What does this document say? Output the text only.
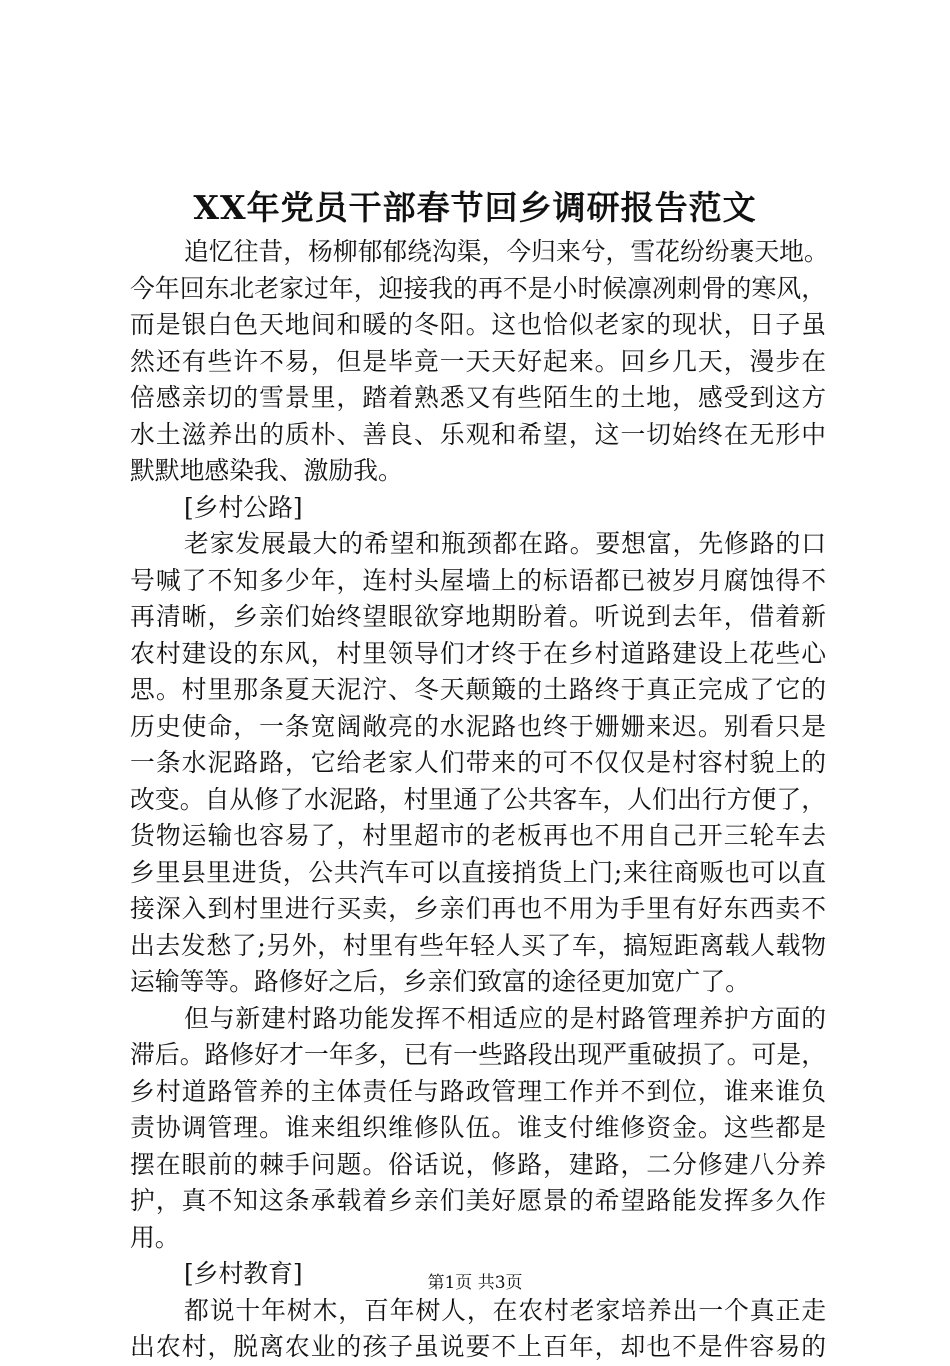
XX年党员干部春节回乡调研报告范文
追忆往昔，杨柳郁郁绕沟渠，今归来兮，雪花纷纷裹天地。
今年回东北老家过年，迎接我的再不是小时候凛冽刺骨的寒风，
而是银白色天地间和暖的冬阳。这也恰似老家的现状，日子虽
然还有些许不易，但是毕竟一天天好起来。回乡几天，漫步在
倍感亲切的雪景里，踏着熟悉又有些陌生的土地，感受到这方
水土滋养出的质朴、善良、乐观和希望，这一切始终在无形中
默默地感染我、激励我。
[乡村公路]
老家发展最大的希望和瓶颈都在路。要想富，先修路的口
号喊了不知多少年，连村头屋墙上的标语都已被岁月腐蚀得不
再清晰，乡亲们始终望眼欲穿地期盼着。听说到去年，借着新
农村建设的东风，村里领导们才终于在乡村道路建设上花些心
思。村里那条夏天泥泞、冬天颠簸的土路终于真正完成了它的
历史使命，一条宽阔敞亮的水泥路也终于姗姗来迟。别看只是
一条水泥路路，它给老家人们带来的可不仅仅是村容村貌上的
改变。自从修了水泥路，村里通了公共客车，人们出行方便了，
货物运输也容易了，村里超市的老板再也不用自己开三轮车去
乡里县里进货，公共汽车可以直接捎货上门;来往商贩也可以直
接深入到村里进行买卖，乡亲们再也不用为手里有好东西卖不
出去发愁了;另外，村里有些年轻人买了车，搞短距离载人载物
运输等等。路修好之后，乡亲们致富的途径更加宽广了。
但与新建村路功能发挥不相适应的是村路管理养护方面的
滞后。路修好才一年多，已有一些路段出现严重破损了。可是，
乡村道路管养的主体责任与路政管理工作并不到位，谁来谁负
责协调管理。谁来组织维修队伍。谁支付维修资金。这些都是
摆在眼前的棘手问题。俗话说，修路，建路，二分修建八分养
护，真不知这条承载着乡亲们美好愿景的希望路能发挥多久作
用。
[乡村教育]
都说十年树木，百年树人，在农村老家培养出一个真正走
出农村，脱离农业的孩子虽说要不上百年，却也不是件容易的
第1页 共3页
